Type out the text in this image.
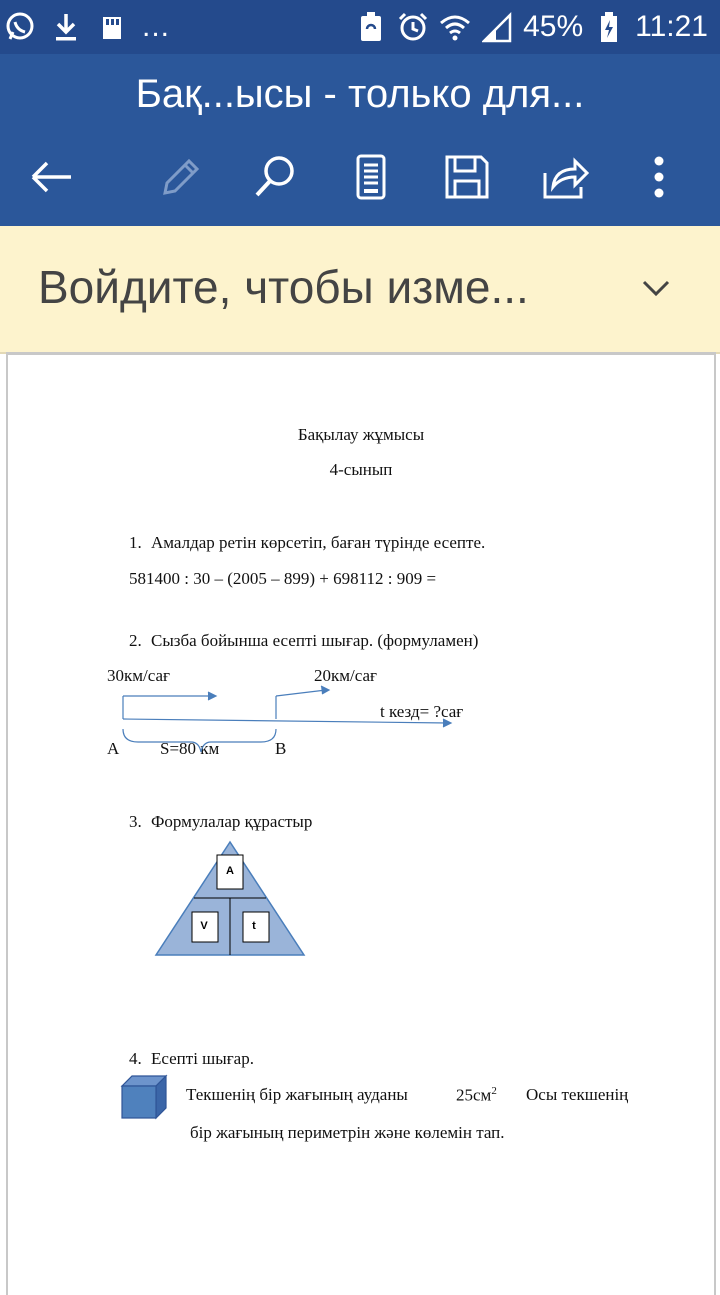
...	45% 11:21
Бақ...ысы - только для...
Войдите, чтобы изме...
Бақылау жұмысы
4-сынып
1. Амалдар ретін көрсетіп, баған түрінде есепте.
581400 : 30 – (2005 – 899) + 698112 : 909 =
2. Сызба бойынша есепті шығар. (формуламен)
30км/сағ	20км/сағ
t кезд= ?сағ
А S=80 км	В
3. Формулалар құрастыр
A
V	t
4. Есепті шығар.
Текшенің бір жағының ауданы	$25см^2$ Осы текшенің
бір жағының периметрін және көлемін тап.
